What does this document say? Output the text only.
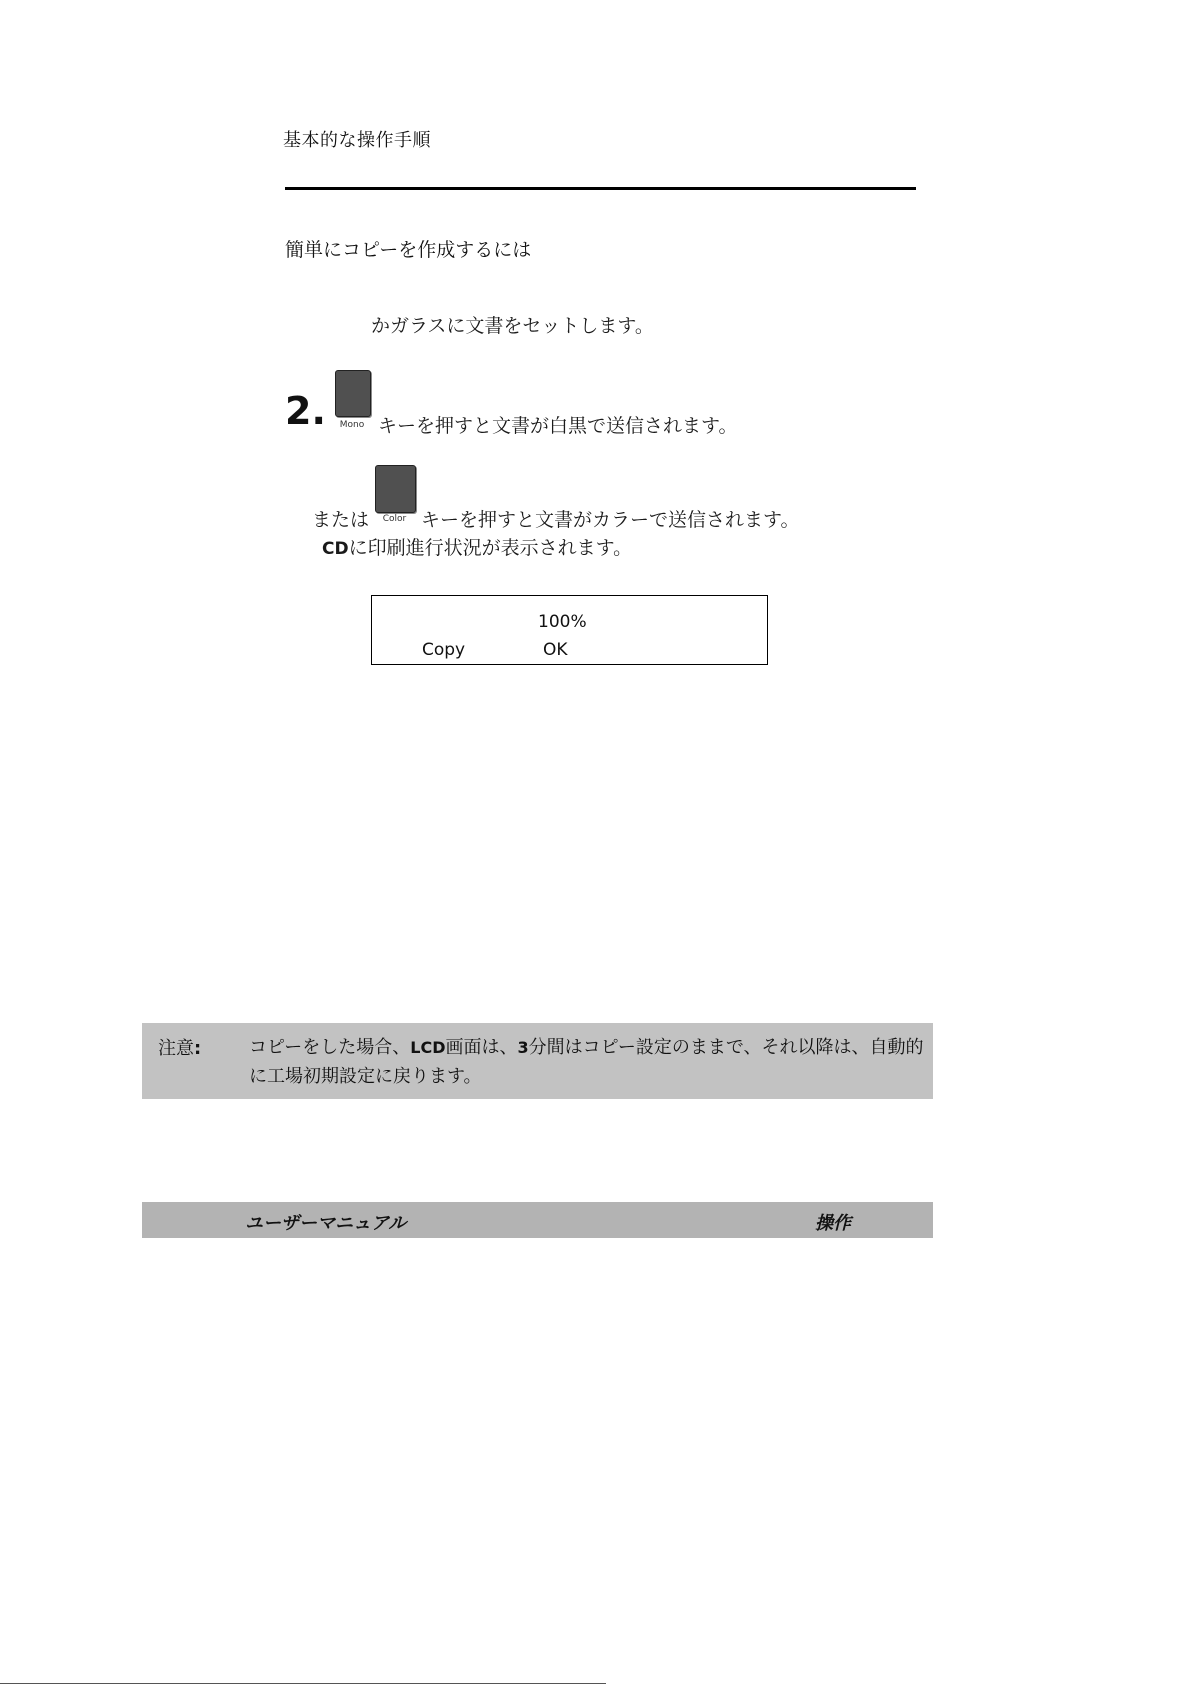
基本的な操作手順
簡単にコピーを作成するには
かガラスに文書をセットします。
2.	Mono キーを押すと文書が白黒で送信されます。
または	Color キーを押すと文書がカラーで送信されます。
CDに印刷進行状況が表示されます。
100%
Copy	OK
注意:	コピーをした場合、LCD画面は、3分間はコピー設定のままで、それ以降は、自動的に工場初期設定に戻ります。
ユーザーマニュアル	操作
